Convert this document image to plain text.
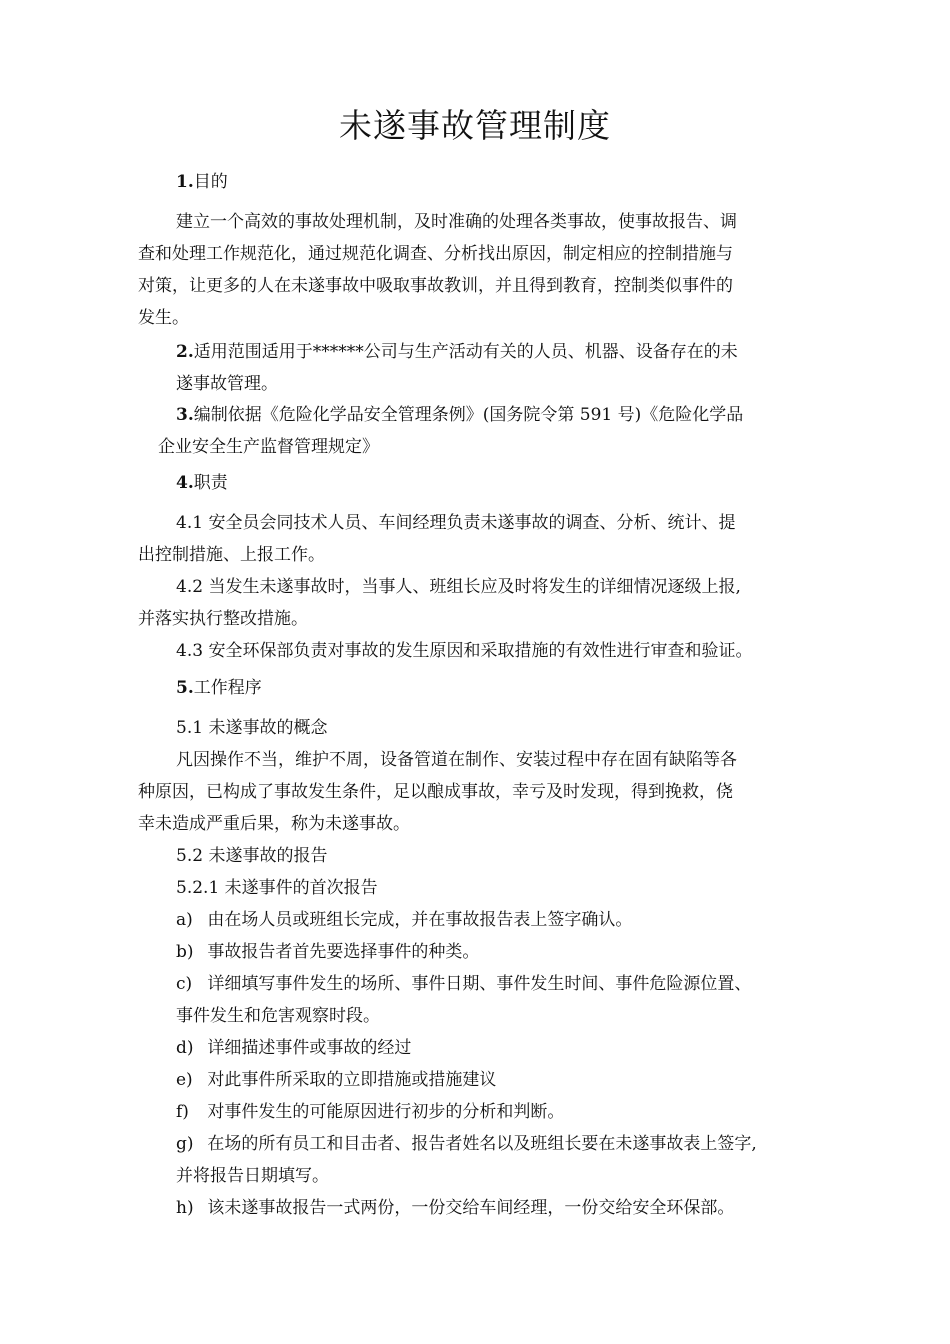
未遂事故管理制度

1.目的

建立一个高效的事故处理机制，及时准确的处理各类事故，使事故报告、调

查和处理工作规范化，通过规范化调查、分析找出原因，制定相应的控制措施与

对策，让更多的人在未遂事故中吸取事故教训，并且得到教育，控制类似事件的

发生。

2.适用范围适用于******公司与生产活动有关的人员、机器、设备存在的未

遂事故管理。

3.编制依据《危险化学品安全管理条例》(国务院令第 591 号)《危险化学品

企业安全生产监督管理规定》

4.职责

4.1 安全员会同技术人员、车间经理负责未遂事故的调查、分析、统计、提

出控制措施、上报工作。

4.2 当发生未遂事故时，当事人、班组长应及时将发生的详细情况逐级上报,

并落实执行整改措施。

4.3 安全环保部负责对事故的发生原因和采取措施的有效性进行审查和验证。

5.工作程序

5.1 未遂事故的概念

凡因操作不当，维护不周，设备管道在制作、安装过程中存在固有缺陷等各

种原因，已构成了事故发生条件，足以酿成事故，幸亏及时发现，得到挽救，侥

幸未造成严重后果，称为未遂事故。

5.2 未遂事故的报告

5.2.1 未遂事件的首次报告

a) 由在场人员或班组长完成，并在事故报告表上签字确认。

b) 事故报告者首先要选择事件的种类。

c) 详细填写事件发生的场所、事件日期、事件发生时间、事件危险源位置、

事件发生和危害观察时段。

d) 详细描述事件或事故的经过

e) 对此事件所采取的立即措施或措施建议

f) 对事件发生的可能原因进行初步的分析和判断。

g) 在场的所有员工和目击者、报告者姓名以及班组长要在未遂事故表上签字,

并将报告日期填写。

h) 该未遂事故报告一式两份，一份交给车间经理，一份交给安全环保部。
